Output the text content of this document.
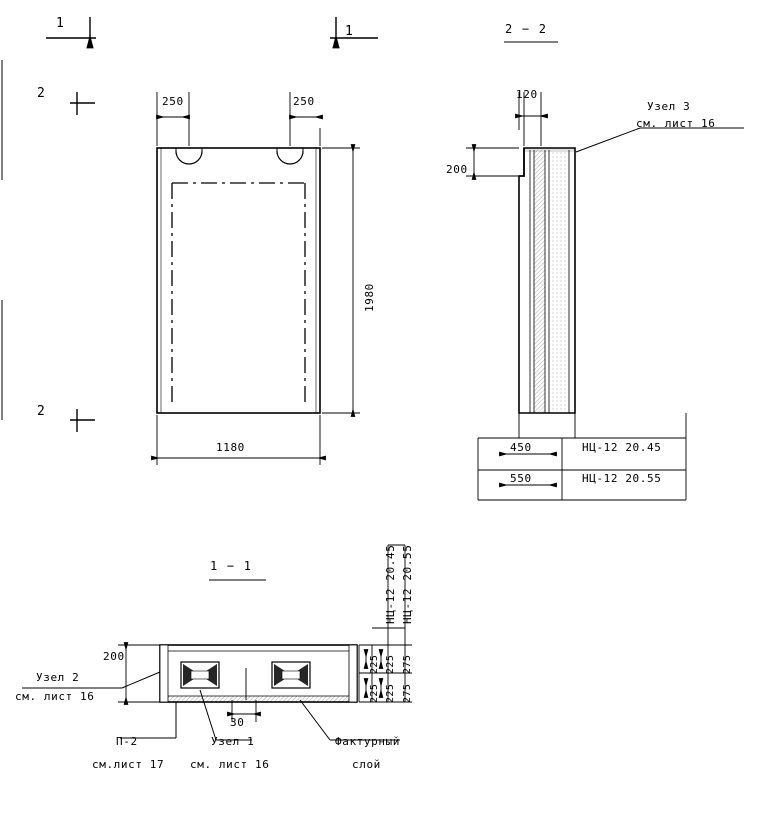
1
1
2
2
250	250
1180
1980
2 − 2
120
200
450
550
НЦ-12 20.45
НЦ-12 20.55
Узел 3
см. лист 16
1 − 1
200
30
НЦ-12 20.45 НЦ-12 20.55
225
225
225
225
275
275
Узел 2
см. лист 16
П-2
см.лист 17
Узел 1
см. лист 16
Фактурный
слой
